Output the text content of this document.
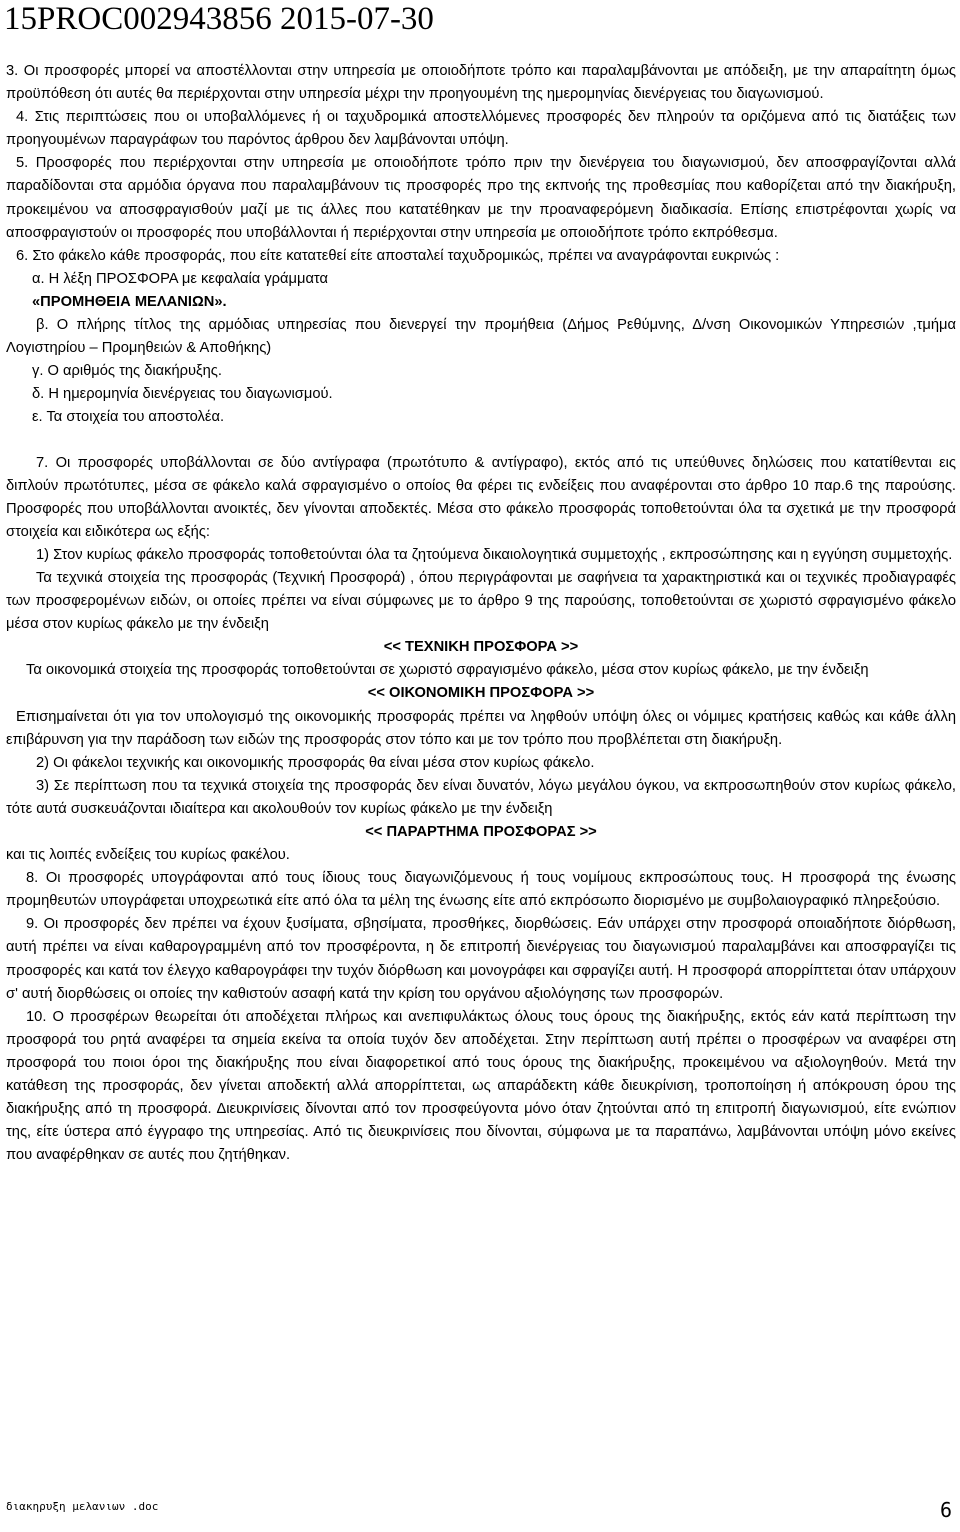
15PROC002943856 2015-07-30

3. Οι προσφορές μπορεί να αποστέλλονται στην υπηρεσία με οποιοδήποτε τρόπο και παραλαμβάνονται με απόδειξη, με την απαραίτητη όμως προϋπόθεση ότι αυτές θα περιέρχονται στην υπηρεσία μέχρι την προηγουμένη της ημερομηνίας διενέργειας του διαγωνισμού.

4. Στις περιπτώσεις που οι υποβαλλόμενες ή οι ταχυδρομικά αποστελλόμενες προσφορές δεν πληρούν τα οριζόμενα από τις διατάξεις των προηγουμένων παραγράφων του παρόντος άρθρου δεν λαμβάνονται υπόψη.

5. Προσφορές που περιέρχονται στην υπηρεσία με οποιοδήποτε τρόπο πριν την διενέργεια του διαγωνισμού, δεν αποσφραγίζονται αλλά παραδίδονται στα αρμόδια όργανα που παραλαμβάνουν τις προσφορές προ της εκπνοής της προθεσμίας που καθορίζεται από την διακήρυξη, προκειμένου να αποσφραγισθούν μαζί με τις άλλες που κατατέθηκαν με την προαναφερόμενη διαδικασία. Επίσης επιστρέφονται χωρίς να αποσφραγιστούν οι προσφορές που υποβάλλονται ή περιέρχονται στην υπηρεσία με οποιοδήποτε τρόπο εκπρόθεσμα.

6. Στο φάκελο κάθε προσφοράς, που είτε κατατεθεί είτε αποσταλεί ταχυδρομικώς, πρέπει να αναγράφονται ευκρινώς :

α. Η λέξη ΠΡΟΣΦΟΡΑ με κεφαλαία γράμματα

«ΠΡΟΜΗΘΕΙΑ ΜΕΛΑΝΙΩΝ».

β. Ο πλήρης τίτλος της αρμόδιας υπηρεσίας που διενεργεί την προμήθεια (Δήμος Ρεθύμνης, Δ/νση Οικονομικών Υπηρεσιών ,τμήμα Λογιστηρίου – Προμηθειών & Αποθήκης)

γ. Ο αριθμός της διακήρυξης.

δ. Η ημερομηνία διενέργειας του διαγωνισμού.

ε. Τα στοιχεία του αποστολέα.

7. Οι προσφορές υποβάλλονται σε δύο αντίγραφα (πρωτότυπο & αντίγραφο), εκτός από τις υπεύθυνες δηλώσεις που κατατίθενται εις διπλούν πρωτότυπες, μέσα σε φάκελο καλά σφραγισμένο ο οποίος θα φέρει τις ενδείξεις που αναφέρονται στο άρθρο 10 παρ.6 της παρούσης. Προσφορές που υποβάλλονται ανοικτές, δεν γίνονται αποδεκτές. Μέσα στο φάκελο προσφοράς τοποθετούνται όλα τα σχετικά με την προσφορά στοιχεία και ειδικότερα ως εξής:

1) Στον κυρίως φάκελο προσφοράς τοποθετούνται όλα τα ζητούμενα δικαιολογητικά συμμετοχής , εκπροσώπησης και η εγγύηση συμμετοχής.

Τα τεχνικά στοιχεία της προσφοράς (Τεχνική Προσφορά) , όπου περιγράφονται με σαφήνεια τα χαρακτηριστικά και οι τεχνικές προδιαγραφές των προσφερομένων ειδών, οι οποίες πρέπει να είναι σύμφωνες με το άρθρο 9 της παρούσης, τοποθετούνται σε χωριστό σφραγισμένο φάκελο μέσα στον κυρίως φάκελο με την ένδειξη

<< ΤΕΧΝΙΚΗ ΠΡΟΣΦΟΡΑ >>

Τα οικονομικά στοιχεία της προσφοράς τοποθετούνται σε χωριστό σφραγισμένο φάκελο, μέσα στον κυρίως φάκελο, με την ένδειξη

<< ΟΙΚΟΝΟΜΙΚΗ ΠΡΟΣΦΟΡΑ >>

Επισημαίνεται ότι για τον υπολογισμό της οικονομικής προσφοράς πρέπει να ληφθούν υπόψη όλες οι νόμιμες κρατήσεις καθώς και κάθε άλλη επιβάρυνση για την παράδοση των ειδών της προσφοράς στον τόπο και με τον τρόπο που προβλέπεται στη διακήρυξη.

2) Οι φάκελοι τεχνικής και οικονομικής προσφοράς θα είναι μέσα στον κυρίως φάκελο.

3) Σε περίπτωση που τα τεχνικά στοιχεία της προσφοράς δεν είναι δυνατόν, λόγω μεγάλου όγκου, να εκπροσωπηθούν στον κυρίως φάκελο, τότε αυτά συσκευάζονται ιδιαίτερα και ακολουθούν τον κυρίως φάκελο με την ένδειξη

<< ΠΑΡΑΡΤΗΜΑ ΠΡΟΣΦΟΡΑΣ >>

και τις λοιπές ενδείξεις του κυρίως φακέλου.

8. Οι προσφορές υπογράφονται από τους ίδιους τους διαγωνιζόμενους ή τους νομίμους εκπροσώπους τους. Η προσφορά της ένωσης προμηθευτών υπογράφεται υποχρεωτικά είτε από όλα τα μέλη της ένωσης είτε από εκπρόσωπο διορισμένο με συμβολαιογραφικό πληρεξούσιο.

9. Οι προσφορές δεν πρέπει να έχουν ξυσίματα, σβησίματα, προσθήκες, διορθώσεις. Εάν υπάρχει στην προσφορά οποιαδήποτε διόρθωση, αυτή πρέπει να είναι καθαρογραμμένη από τον προσφέροντα, η δε επιτροπή διενέργειας του διαγωνισμού παραλαμβάνει και αποσφραγίζει τις προσφορές και κατά τον έλεγχο καθαρογράφει την τυχόν διόρθωση και μονογράφει και σφραγίζει αυτή. Η προσφορά απορρίπτεται όταν υπάρχουν σ' αυτή διορθώσεις οι οποίες την καθιστούν ασαφή κατά την κρίση του οργάνου αξιολόγησης των προσφορών.

10. Ο προσφέρων θεωρείται ότι αποδέχεται πλήρως και ανεπιφυλάκτως όλους τους όρους της διακήρυξης, εκτός εάν κατά περίπτωση την προσφορά του ρητά αναφέρει τα σημεία εκείνα τα οποία τυχόν δεν αποδέχεται. Στην περίπτωση αυτή πρέπει ο προσφέρων να αναφέρει στη προσφορά του ποιοι όροι της διακήρυξης που είναι διαφορετικοί από τους όρους της διακήρυξης, προκειμένου να αξιολογηθούν. Μετά την κατάθεση της προσφοράς, δεν γίνεται αποδεκτή αλλά απορρίπτεται, ως απαράδεκτη κάθε διευκρίνιση, τροποποίηση ή απόκρουση όρου της διακήρυξης από τη προσφορά. Διευκρινίσεις δίνονται από τον προσφεύγοντα μόνο όταν ζητούνται από τη επιτροπή διαγωνισμού, είτε ενώπιον της, είτε ύστερα από έγγραφο της υπηρεσίας. Από τις διευκρινίσεις που δίνονται, σύμφωνα με τα παραπάνω, λαμβάνονται υπόψη μόνο εκείνες που αναφέρθηκαν σε αυτές που ζητήθηκαν.

διακηρυξη μελανιων .doc	6
